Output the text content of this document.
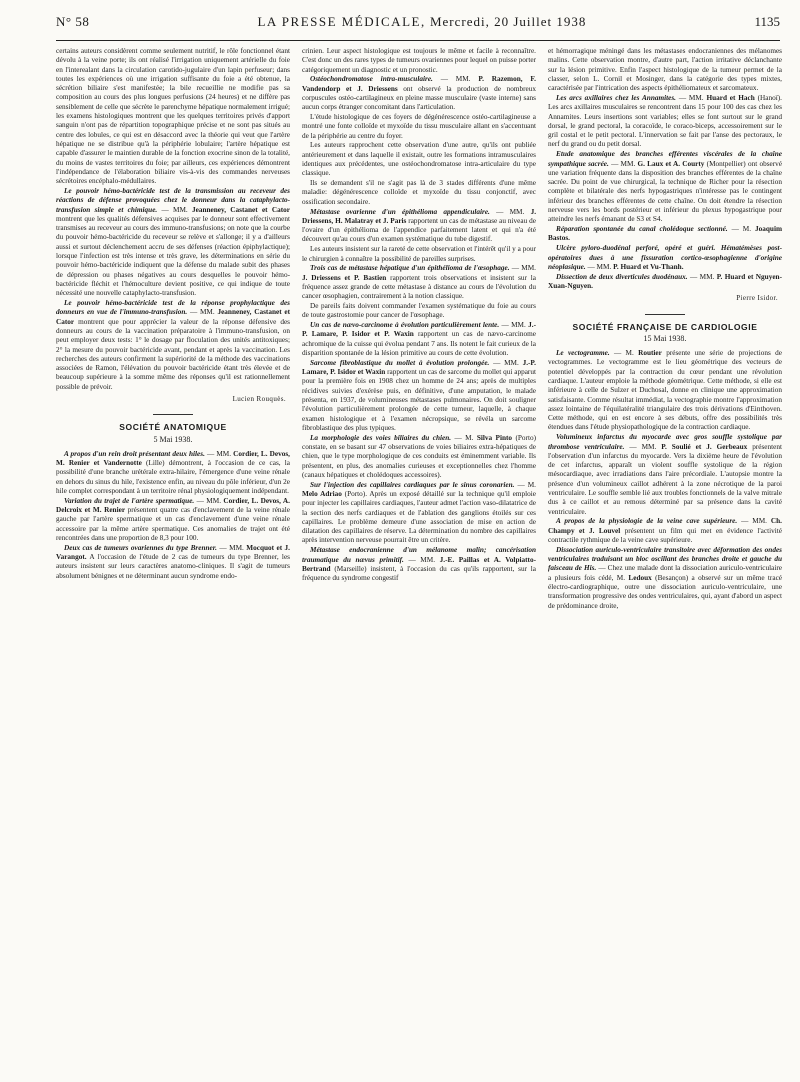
N° 58	LA PRESSE MÉDICALE, Mercredi, 20 Juillet 1938	1135

certains auteurs considèrent comme seulement nutritif, le rôle fonctionnel étant dévolu à la veine porte; ils ont réalisé l'irrigation uniquement artérielle du foie en l'interealant dans la circulation carotido-jugulaire d'un lapin perfuseur; dans toutes les expériences où une irrigation suffisante du foie a été obtenue, la sécrétion biliaire s'est manifestée; la bile recueillie ne modifie pas sa composition au cours des plus longues perfusions (24 heures) et ne diffère pas sensiblement de celle que sécrète le parenchyme hépatique normalement irrigué; les examens histologiques montrent que les quelques territoires privés d'apport sanguin n'ont pas de répartition topographique précise et ne sont pas situés au centre des lobules, ce qui est en désaccord avec la théorie qui veut que l'artère hépatique ne se distribue qu'à la périphérie lobulaire; l'artère hépatique est capable d'assurer le maintien durable de la fonction exocrine sinon de la totalité, du moins de vastes territoires du foie; par ailleurs, ces expériences démontrent l'indépendance de l'élaboration biliaire vis-à-vis des commandes nerveuses sécrétoires encéphalo-médullaires.

Le pouvoir hémo-bactéricide test de la transmission au receveur des réactions de défense provoquées chez le donneur dans la cataphylacto-transfusion simple et chimique. — MM. Jeanneney, Castanet et Cator montrent que les qualités défensives acquises par le donneur sont effectivement transmises au receveur au cours des immuno-transfusions; on note que la courbe du pouvoir hémo-bactéricide du receveur se relève et s'allonge; il y a d'ailleurs aussi et surtout déclenchement accru de ses défenses (réaction épiphylactique); lorsque l'infection est très intense et très grave, les déterminations en série du pouvoir hémo-bactéricide indiquent que la défense du malade subit des phases de dépression ou phases négatives au cours desquelles le pouvoir hémo-bactéricide fléchit et l'hémoculture devient positive, ce qui indique de toute nécessité une nouvelle cataphylacto-transfusion.

Le pouvoir hémo-bactéricide test de la réponse prophylactique des donneurs en vue de l'immuno-transfusion. — MM. Jeanneney, Castanet et Cator montrent que pour apprécier la valeur de la réponse défensive des donneurs au cours de la vaccination préparatoire à l'immuno-transfusion, on peut employer deux tests: 1° le dosage par floculation des unités antitoxiques; 2° la mesure du pouvoir bactéricide avant, pendant et après la vaccination. Les recherches des auteurs confirment la supériorité de la méthode des vaccinations associées de Ramon, l'élévation du pouvoir bactéricide étant très élevée et de beaucoup supérieure à la somme même des réponses qu'il est rationnellement possible de prévoir.

Lucien Rouquès.
SOCIÉTÉ ANATOMIQUE
5 Mai 1938.

A propos d'un rein droit présentant deux hiles. — MM. Cordier, L. Devos, M. Renier et Vandernotte (Lille) démontrent, à l'occasion de ce cas, la possibilité d'une branche urétérale extra-hilaire, l'émergence d'une veine rénale en dehors du sinus du hile, l'existence enfin, au niveau du pôle inférieur, d'un 2e hile complet correspondant à un territoire rénal physiologiquement indépendant.

Variation du trajet de l'artère spermatique. — MM. Cordier, L. Devos, A. Delcroix et M. Renier présentent quatre cas d'enclavement de la veine rénale gauche par l'artère spermatique et un cas d'enclavement d'une veine rénale accessoire par la même artère spermatique. Ces anomalies de trajet ont été rencontrées dans une proportion de 8,3 pour 100.

Deux cas de tumeurs ovariennes du type Brenner. — MM. Mocquot et J. Varangot. A l'occasion de l'étude de 2 cas de tumeurs du type Brenner, les auteurs insistent sur leurs caractères anatomo-cliniques. Il s'agit de tumeurs absolument bénignes et ne déterminant aucun syndrome endo-

crinien. Leur aspect histologique est toujours le même et facile à reconnaître. C'est donc un des rares types de tumeurs ovariennes pour lequel on puisse porter catégoriquement un diagnostic et un pronostic.

Ostéochondromatose intra-musculaire. — MM. P. Razemon, F. Vandendorp et J. Driessens ont observé la production de nombreux corpuscules ostéo-cartilagineux en pleine masse musculaire (vaste interne) sans aucun corps étranger concomitant dans l'articulation.

L'étude histologique de ces foyers de dégénérescence ostéo-cartilagineuse a montré une fonte colloïde et myxoïde du tissu musculaire allant en s'accentuant de la périphérie au centre du foyer.

Les auteurs rapprochent cette observation d'une autre, qu'ils ont publiée antérieurement et dans laquelle il existait, outre les formations intramusculaires identiques aux précédentes, une ostéochondromatose intra-articulaire du type classique.

Ils se demandent s'il ne s'agit pas là de 3 stades différents d'une même maladie: dégénérescence colloïde et myxoïde du tissu conjonctif, avec ossification secondaire.

Métastase ovarienne d'un épithélioma appendiculaire. — MM. J. Driessens, H. Malatray et J. Paris rapportent un cas de métastase au niveau de l'ovaire d'un épithélioma de l'appendice parfaitement latent et qui n'a été découvert qu'au cours d'un examen systématique du tube digestif.

Les auteurs insistent sur la rareté de cette observation et l'intérêt qu'il y a pour le chirurgien à connaître la possibilité de pareilles surprises.

Trois cas de métastase hépatique d'un épithélioma de l'œsophage. — MM. J. Driessens et P. Bastien rapportent trois observations et insistent sur la fréquence assez grande de cette métastase à distance au cours de l'évolution du cancer œsophagien, contrairement à la notion classique.

De pareils faits doivent commander l'examen systématique du foie au cours de toute gastrostomie pour cancer de l'œsophage.

Un cas de nævo-carcinome à évolution particulièrement lente. — MM. J.-P. Lamare, P. Isidor et P. Waxin rapportent un cas de nævo-carcinome achromique de la cuisse qui évolua pendant 7 ans. Ils notent le fait curieux de la disparition spontanée de la lésion primitive au cours de cette évolution.

Sarcome fibroblastique du mollet à évolution prolongée. — MM. J.-P. Lamare, P. Isidor et Waxin rapportent un cas de sarcome du mollet qui apparut pour la première fois en 1908 chez un homme de 24 ans; après de multiples récidives suivies d'exérèse puis, en définitive, d'une amputation, le malade présenta, en 1937, de volumineuses métastases pulmonaires. On doit souligner l'évolution particulièrement prolongée de cette tumeur, laquelle, à chaque examen histologique et à l'examen nécropsique, se révéla un sarcome fibroblastique des plus typiques.

La morphologie des voies biliaires du chien. — M. Silva Pinto (Porto) constate, en se basant sur 47 observations de voies biliaires extra-hépatiques de chien, que le type morphologique de ces conduits est éminemment variable. Ils présentent, en plus, des anomalies curieuses et exceptionnelles chez l'homme (canaux hépatiques et cholédoques accessoires).

Sur l'injection des capillaires cardiaques par le sinus coronarien. — M. Melo Adriao (Porto). Après un exposé détaillé sur la technique qu'il emploie pour injecter les capillaires cardiaques, l'auteur admet l'action vaso-dilatatrice de la section des nerfs cardiaques et de l'ablation des ganglions étoilés sur ces capillaires. Le problème demeure d'une association de mise en action de dilatation des capillaires de réserve. La détermination du nombre des capillaires après intervention nerveuse pourrait être un critère.

Métastase endocranienne d'un mélanome malin; cancérisation traumatique du nævus primitif. — MM. J.-E. Paillas et A. Volpiatto-Bertrand (Marseille) insistent, à l'occasion du cas qu'ils rapportent, sur la fréquence du syndrome congestif

et hémorragique méningé dans les métastases endocraniennes des mélanomes malins. Cette observation montre, d'autre part, l'action irritative déclanchante sur la lésion primitive. Enfin l'aspect histologique de la tumeur permet de la classer, selon L. Cornil et Mosinger, dans la catégorie des types mixtes, caractérisée par l'intrication des aspects épithéliomateux et sarcomateux.

Les arcs axillaires chez les Annamites. — MM. Huard et Hach (Hanoï). Les arcs axillaires musculaires se rencontrent dans 15 pour 100 des cas chez les Annamites. Leurs insertions sont variables; elles se font surtout sur le grand dorsal, le grand pectoral, la coracoïde, le coraco-biceps, accessoirement sur le gril costal et le petit pectoral. L'innervation se fait par l'anse des pectoraux, le nerf du grand ou du petit dorsal.

Etude anatomique des branches efférentes viscérales de la chaîne sympathique sacrée. — MM. G. Laux et A. Courty (Montpellier) ont observé une variation fréquente dans la disposition des branches efférentes de la chaîne sacrée. Du point de vue chirurgical, la technique de Richer pour la résection complète et bilatérale des nerfs hypogastriques n'intéresse pas le contingent inférieur des branches efférentes de cette chaîne. On doit étendre la résection nerveuse vers les bords postérieur et inférieur du plexus hypogastrique pour atteindre les nerfs émanant de S3 et S4.

Réparation spontanée du canal cholédoque sectionné. — M. Joaquim Bastos.

Ulcère pyloro-duodénal perforé, opéré et guéri. Hématémèses post-opératoires dues à une fissuration cortico-œsophagienne d'origine néoplasique. — MM. P. Huard et Vu-Thanh.

Dissection de deux diverticules duodénaux. — MM. P. Huard et Nguyen-Xuan-Nguyen.

Pierre Isidor.
SOCIÉTÉ FRANÇAISE DE CARDIOLOGIE
15 Mai 1938.

Le vectogramme. — M. Routier présente une série de projections de vectogrammes. Le vectogramme est le lieu géométrique des vecteurs de potentiel développés par la contraction du cœur pendant une révolution cardiaque. L'auteur emploie la méthode géométrique. Cette méthode, si elle est inférieure à celle de Sulzer et Duchosal, donne en clinique une approximation satisfaisante. Comme résultat immédiat, la vectographie montre l'approximation assez lointaine de l'équilatéralité triangulaire des trois dérivations d'Einthoven. Cette méthode, qui en est encore à ses débuts, offre des possibilités très étendues dans l'étude physiopathologique de la contraction cardiaque.

Volumineux infarctus du myocarde avec gros souffle systolique par thrombose ventriculaire. — MM. P. Soulié et J. Gerbeaux présentent l'observation d'un infarctus du myocarde. Vers la dixième heure de l'évolution de cet infarctus, apparaît un violent souffle systolique de la région mésocardiaque, avec irradiations dans l'aire précordiale. L'autopsie montre la présence d'un volumineux caillot adhérent à la zone nécrotique de la paroi ventriculaire. Le souffle semble lié aux troubles fonctionnels de la valve mitrale dus à ce caillot et au remous déterminé par sa présence dans la cavité ventriculaire.

A propos de la physiologie de la veine cave supérieure. — MM. Ch. Champy et J. Louvel présentent un film qui met en évidence l'activité contractile rythmique de la veine cave supérieure.

Dissociation auriculo-ventriculaire transitoire avec déformation des ondes ventriculaires traduisant un bloc oscillant des branches droite et gauche du faisceau de His. — Chez une malade dont la dissociation auriculo-ventriculaire a plusieurs fois cédé, M. Ledoux (Besançon) a observé sur un même tracé électro-cardiographique, outre une dissociation auriculo-ventriculaire, une transformation progressive des ondes ventriculaires, qui, ayant d'abord un aspect de prédominance droite,
